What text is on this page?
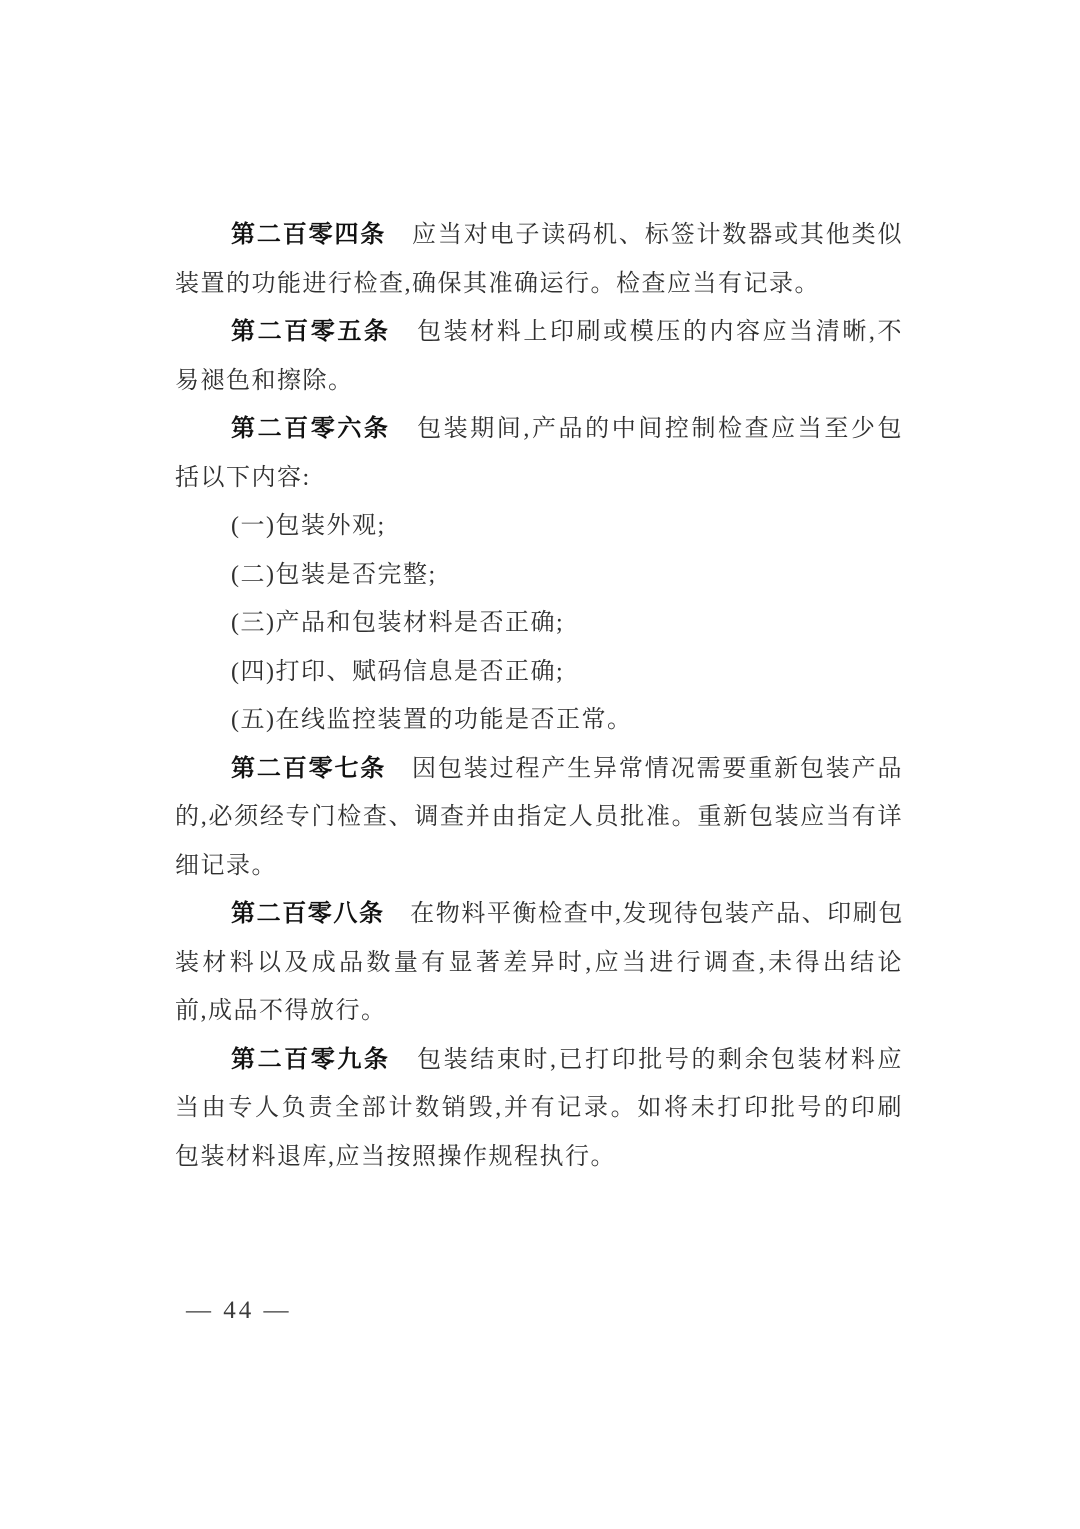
第二百零四条　应当对电子读码机、标签计数器或其他类似
装置的功能进行检查,确保其准确运行。检查应当有记录。
第二百零五条　包装材料上印刷或模压的内容应当清晰,不
易褪色和擦除。
第二百零六条　包装期间,产品的中间控制检查应当至少包
括以下内容:
(一)包装外观;
(二)包装是否完整;
(三)产品和包装材料是否正确;
(四)打印、赋码信息是否正确;
(五)在线监控装置的功能是否正常。
第二百零七条　因包装过程产生异常情况需要重新包装产品
的,必须经专门检查、调查并由指定人员批准。重新包装应当有详
细记录。
第二百零八条　在物料平衡检查中,发现待包装产品、印刷包
装材料以及成品数量有显著差异时,应当进行调查,未得出结论
前,成品不得放行。
第二百零九条　包装结束时,已打印批号的剩余包装材料应
当由专人负责全部计数销毁,并有记录。如将未打印批号的印刷
包装材料退库,应当按照操作规程执行。
— 44 —
